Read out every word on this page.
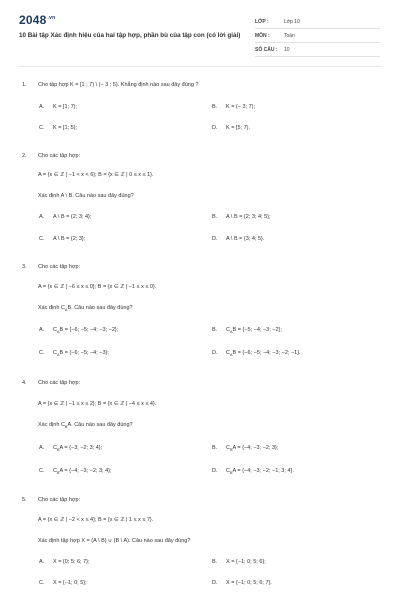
$2048^{.vn}$
10 Bài tập Xác định hiệu của hai tập hợp, phần bù của tập con (có lời giải)
LỚP :	Lớp 10
MÔN :	Toán
SỐ CÂU :	10
1. Cho tập hợp K = [1 ; 7) \ (− 3 ; 5). Khẳng định nào sau đây đúng ?
A. K = [1; 7);	B. K = (− 3; 7);
C. K = [1; 5);	D. K = [5; 7).
2. Cho các tập hợp:
A = {x ∈ ℤ | −1 < x < 6}; B = {x ∈ ℤ | 0 ≤ x ≤ 1}.
Xác định A \ B. Câu nào sau đây đúng?
A. A \ B = {2; 3; 4};	B. A \ B = {2; 3; 4; 5};
C. A \ B = {2; 3};	D. A \ B = {3; 4; 5}.
3. Cho các tập hợp:
A = {x ∈ ℤ | −6 ≤ x ≤ 0}; B = {x ∈ ℤ | −1 ≤ x ≤ 0}.
Xác định $C_AB$. Câu nào sau đây đúng?
A. $C_AB = \{-6$; −5; −4; −3; −2};	B. $C_AB = \{-5$; −4; −3; −2};
C. $C_AB = \{-6$; −5; −4; −3};	D. $C_AB = \{-6$; −5; −4; −3; −2; −1}.
4. Cho các tập hợp:
A = {x ∈ ℤ | −1 ≤ x ≤ 2}; B = {x ∈ ℤ | −4 ≤ x ≤ 4}.
Xác định $C_BA$. Câu nào sau đây đúng?
A. $C_BA = \{-3$; −2; 3; 4};	B. $C_BA = \{-4$; −3; −2; 3};
C. $C_BA = \{-4$; −3; −2; 3; 4};	D. $C_BA = \{-4$; −3; −2; −1; 3; 4}.
5. Cho các tập hợp:
A = {x ∈ ℤ | −2 < x ≤ 4}; B = {x ∈ ℤ | 1 ≤ x ≤ 7}.
Xác định tập hợp X = (A \ B) ∪ (B \ A). Câu nào sau đây đúng?
A. X = {0; 5; 6; 7};	B. X = {−1; 0; 5; 6};
C. X = {−1; 0; 5};	D. X = {−1; 0; 5; 6; 7}.
